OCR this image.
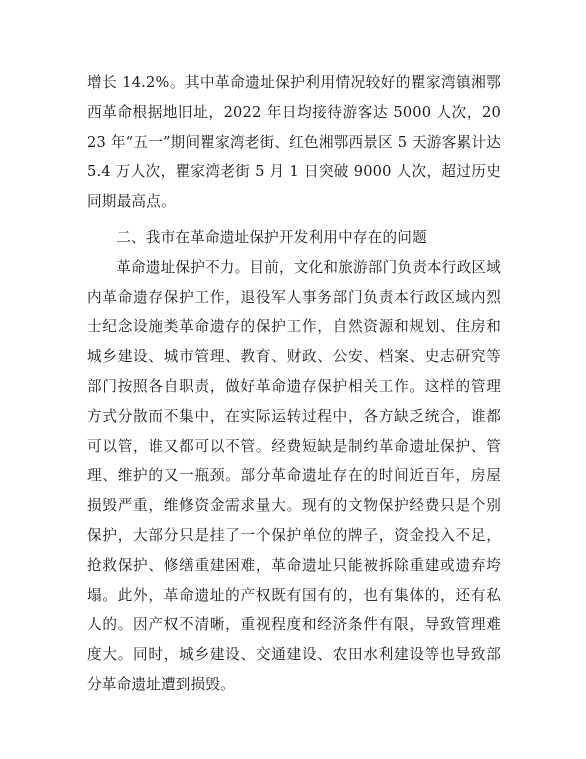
增长 14.2%。其中革命遗址保护利用情况较好的瞿家湾镇湘鄂西革命根据地旧址，2022 年日均接待游客达 5000 人次，2023 年“五一”期间瞿家湾老街、红色湘鄂西景区 5 天游客累计达 5.4 万人次，瞿家湾老街 5 月 1 日突破 9000 人次，超过历史同期最高点。

二、我市在革命遗址保护开发利用中存在的问题

革命遗址保护不力。目前，文化和旅游部门负责本行政区域内革命遗存保护工作，退役军人事务部门负责本行政区域内烈士纪念设施类革命遗存的保护工作，自然资源和规划、住房和城乡建设、城市管理、教育、财政、公安、档案、史志研究等部门按照各自职责，做好革命遗存保护相关工作。这样的管理方式分散而不集中，在实际运转过程中，各方缺乏统合，谁都可以管，谁又都可以不管。经费短缺是制约革命遗址保护、管理、维护的又一瓶颈。部分革命遗址存在的时间近百年，房屋损毁严重，维修资金需求量大。现有的文物保护经费只是个别保护，大部分只是挂了一个保护单位的牌子，资金投入不足，抢救保护、修缮重建困难，革命遗址只能被拆除重建或遗弃垮塌。此外，革命遗址的产权既有国有的，也有集体的，还有私人的。因产权不清晰，重视程度和经济条件有限，导致管理难度大。同时，城乡建设、交通建设、农田水利建设等也导致部分革命遗址遭到损毁。
